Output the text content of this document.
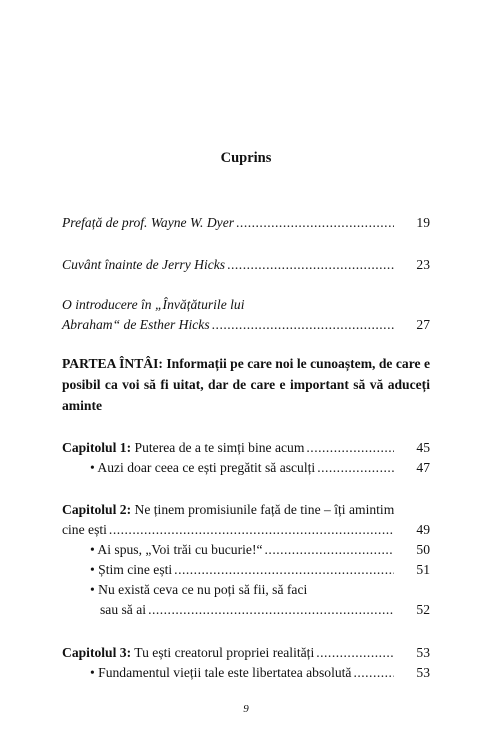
Cuprins
Prefață de prof. Wayne W. Dyer .....	19
Cuvânt înainte de Jerry Hicks .....	23
O introducere în „Învățăturile lui
Abraham“ de Esther Hicks .....	27
PARTEA ÎNTÂI: Informații pe care noi le cunoaștem, de care e posibil ca voi să fi uitat, dar de care e important să vă aduceți aminte
Capitolul 1: Puterea de a te simți bine acum .....	45
• Auzi doar ceea ce ești pregătit să asculți .....	47
Capitolul 2: Ne ținem promisiunile față de tine – îți amintim
cine ești .....	49
• Ai spus, „Voi trăi cu bucurie!“ .....	50
• Știm cine ești .....	51
• Nu există ceva ce nu poți să fii, să faci
sau să ai .....	52
Capitolul 3: Tu ești creatorul propriei realități .....	53
• Fundamentul vieții tale este libertatea absolută .....	53
9
